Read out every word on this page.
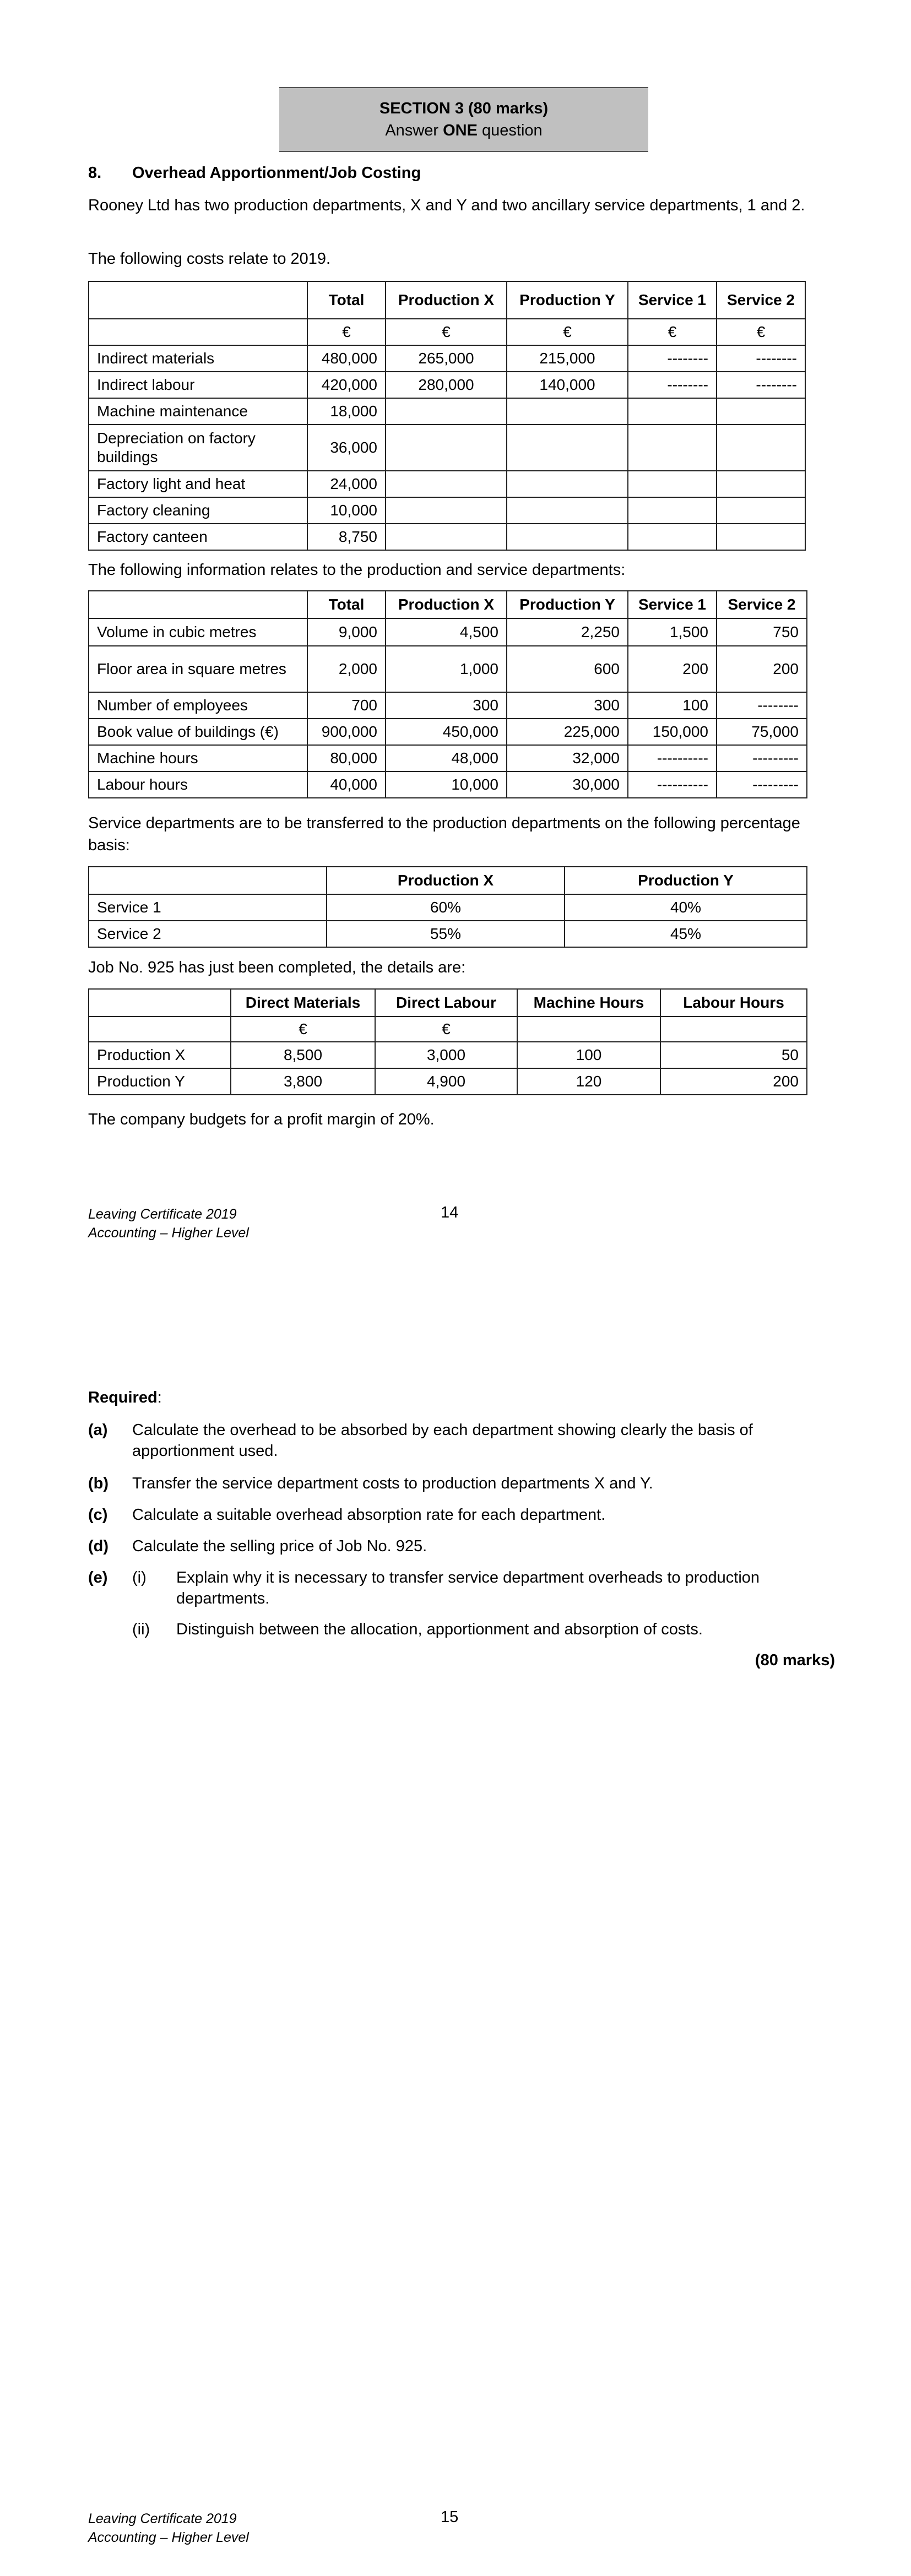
SECTION 3 (80 marks)
Answer ONE question
8. Overhead Apportionment/Job Costing

Rooney Ltd has two production departments, X and Y and two ancillary service departments, 1 and 2.

The following costs relate to 2019.

	Total	Production X	Production Y	Service 1	Service 2
	€	€	€	€	€
Indirect materials	480,000	265,000	215,000	--------	--------
Indirect labour	420,000	280,000	140,000	--------	--------
Machine maintenance	18,000				
Depreciation on factory buildings	36,000				
Factory light and heat	24,000				
Factory cleaning	10,000				
Factory canteen	8,750				

The following information relates to the production and service departments:

	Total	Production X	Production Y	Service 1	Service 2
Volume in cubic metres	9,000	4,500	2,250	1,500	750
Floor area in square metres	2,000	1,000	600	200	200
Number of employees	700	300	300	100	--------
Book value of buildings (€)	900,000	450,000	225,000	150,000	75,000
Machine hours	80,000	48,000	32,000	----------	---------
Labour hours	40,000	10,000	30,000	----------	---------

Service departments are to be transferred to the production departments on the following percentage basis:

	Production X	Production Y
Service 1	60%	40%
Service 2	55%	45%

Job No. 925 has just been completed, the details are:

	Direct Materials	Direct Labour	Machine Hours	Labour Hours
	€	€		
Production X	8,500	3,000	100	50
Production Y	3,800	4,900	120	200

The company budgets for a profit margin of 20%.

Leaving Certificate 2019
Accounting – Higher Level
14
Required:
(a) Calculate the overhead to be absorbed by each department showing clearly the basis of apportionment used.
(b) Transfer the service department costs to production departments X and Y.
(c) Calculate a suitable overhead absorption rate for each department.
(d) Calculate the selling price of Job No. 925.
(e) (i) Explain why it is necessary to transfer service department overheads to production departments.
(ii) Distinguish between the allocation, apportionment and absorption of costs.
(80 marks)
Leaving Certificate 2019
Accounting – Higher Level
15
